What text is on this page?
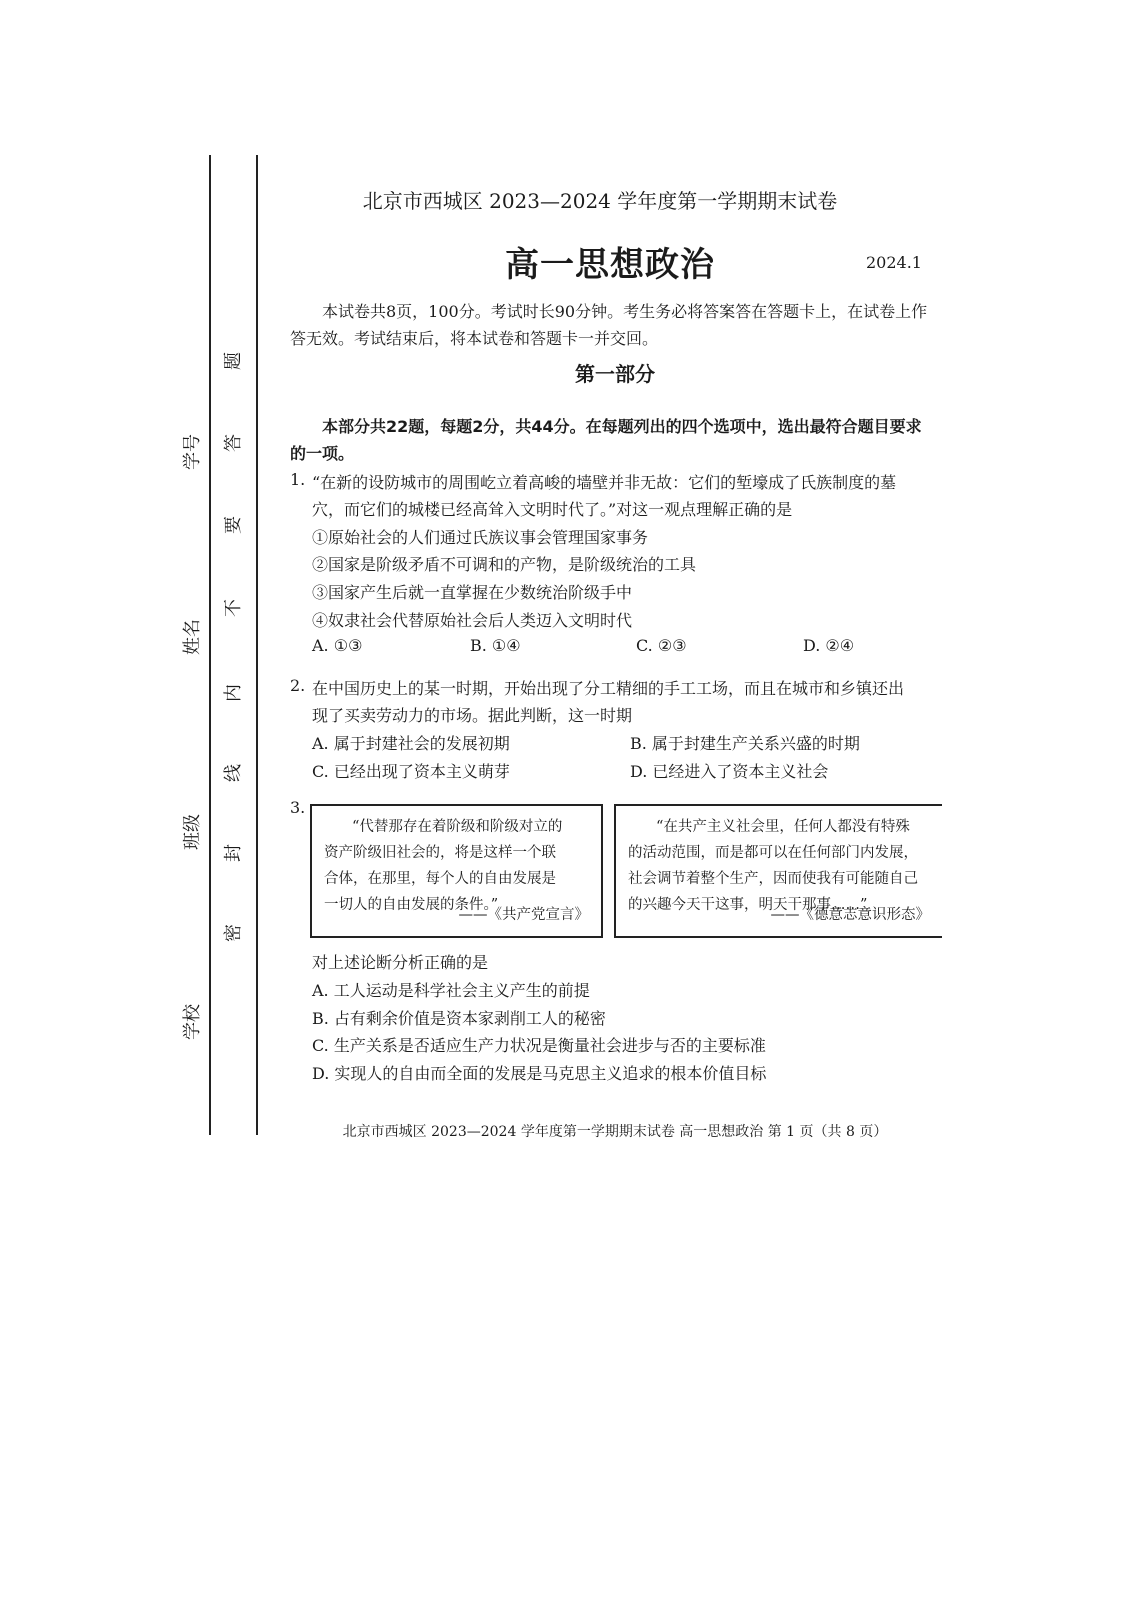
学号
姓名
班级
学校
密
封
线
内
不
要
答
题
北京市西城区 2023—2024 学年度第一学期期末试卷
高一思想政治	2024.1
本试卷共8页，100分。考试时长90分钟。考生务必将答案答在答题卡上，在试卷上作
答无效。考试结束后，将本试卷和答题卡一并交回。
第一部分
本部分共22题，每题2分，共44分。在每题列出的四个选项中，选出最符合题目要求
的一项。
1. “在新的设防城市的周围屹立着高峻的墙壁并非无故：它们的堑壕成了氏族制度的墓
穴，而它们的城楼已经高耸入文明时代了。”对这一观点理解正确的是
①原始社会的人们通过氏族议事会管理国家事务
②国家是阶级矛盾不可调和的产物，是阶级统治的工具
③国家产生后就一直掌握在少数统治阶级手中
④奴隶社会代替原始社会后人类迈入文明时代
A. ①③	B. ①④	C. ②③	D. ②④
2. 在中国历史上的某一时期，开始出现了分工精细的手工工场，而且在城市和乡镇还出
现了买卖劳动力的市场。据此判断，这一时期
A. 属于封建社会的发展初期	B. 属于封建生产关系兴盛的时期
C. 已经出现了资本主义萌芽	D. 已经进入了资本主义社会
3.
“代替那存在着阶级和阶级对立的
资产阶级旧社会的，将是这样一个联
合体，在那里，每个人的自由发展是
一切人的自由发展的条件。”
——《共产党宣言》
“在共产主义社会里，任何人都没有特殊
的活动范围，而是都可以在任何部门内发展，
社会调节着整个生产，因而使我有可能随自己
的兴趣今天干这事，明天干那事……”
——《德意志意识形态》
对上述论断分析正确的是
A. 工人运动是科学社会主义产生的前提
B. 占有剩余价值是资本家剥削工人的秘密
C. 生产关系是否适应生产力状况是衡量社会进步与否的主要标准
D. 实现人的自由而全面的发展是马克思主义追求的根本价值目标
北京市西城区 2023—2024 学年度第一学期期末试卷 高一思想政治 第 1 页（共 8 页）
